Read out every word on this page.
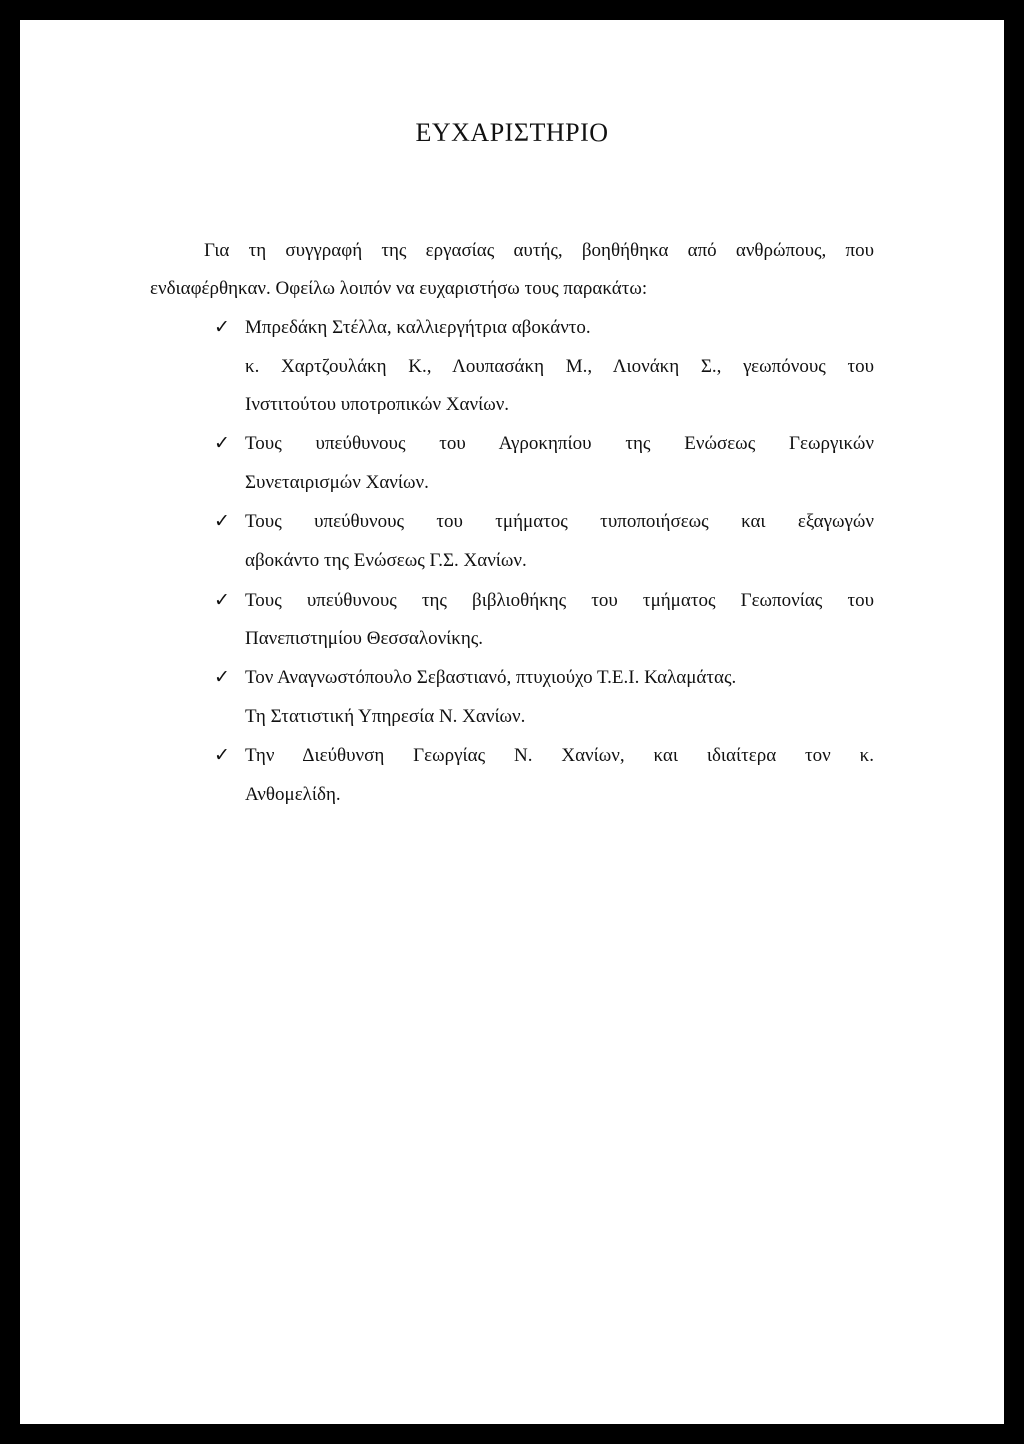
ΕΥΧΑΡΙΣΤΗΡΙΟ

Για τη συγγραφή της εργασίας αυτής, βοηθήθηκα από ανθρώπους, που

ενδιαφέρθηκαν. Οφείλω λοιπόν να ευχαριστήσω τους παρακάτω:

✓ Μπρεδάκη Στέλλα, καλλιεργήτρια αβοκάντο.

κ. Χαρτζουλάκη Κ., Λουπασάκη Μ., Λιονάκη Σ., γεωπόνους του

Ινστιτούτου υποτροπικών Χανίων.

✓ Τους υπεύθυνους του Αγροκηπίου της Ενώσεως Γεωργικών

Συνεταιρισμών Χανίων.

✓ Τους υπεύθυνους του τμήματος τυποποιήσεως και εξαγωγών

αβοκάντο της Ενώσεως Γ.Σ. Χανίων.

✓ Τους υπεύθυνους της βιβλιοθήκης του τμήματος Γεωπονίας του

Πανεπιστημίου Θεσσαλονίκης.

✓ Τον Αναγνωστόπουλο Σεβαστιανό, πτυχιούχο Τ.Ε.Ι. Καλαμάτας.

Τη Στατιστική Υπηρεσία Ν. Χανίων.

✓ Την Διεύθυνση Γεωργίας Ν. Χανίων, και ιδιαίτερα τον κ.

Ανθομελίδη.
